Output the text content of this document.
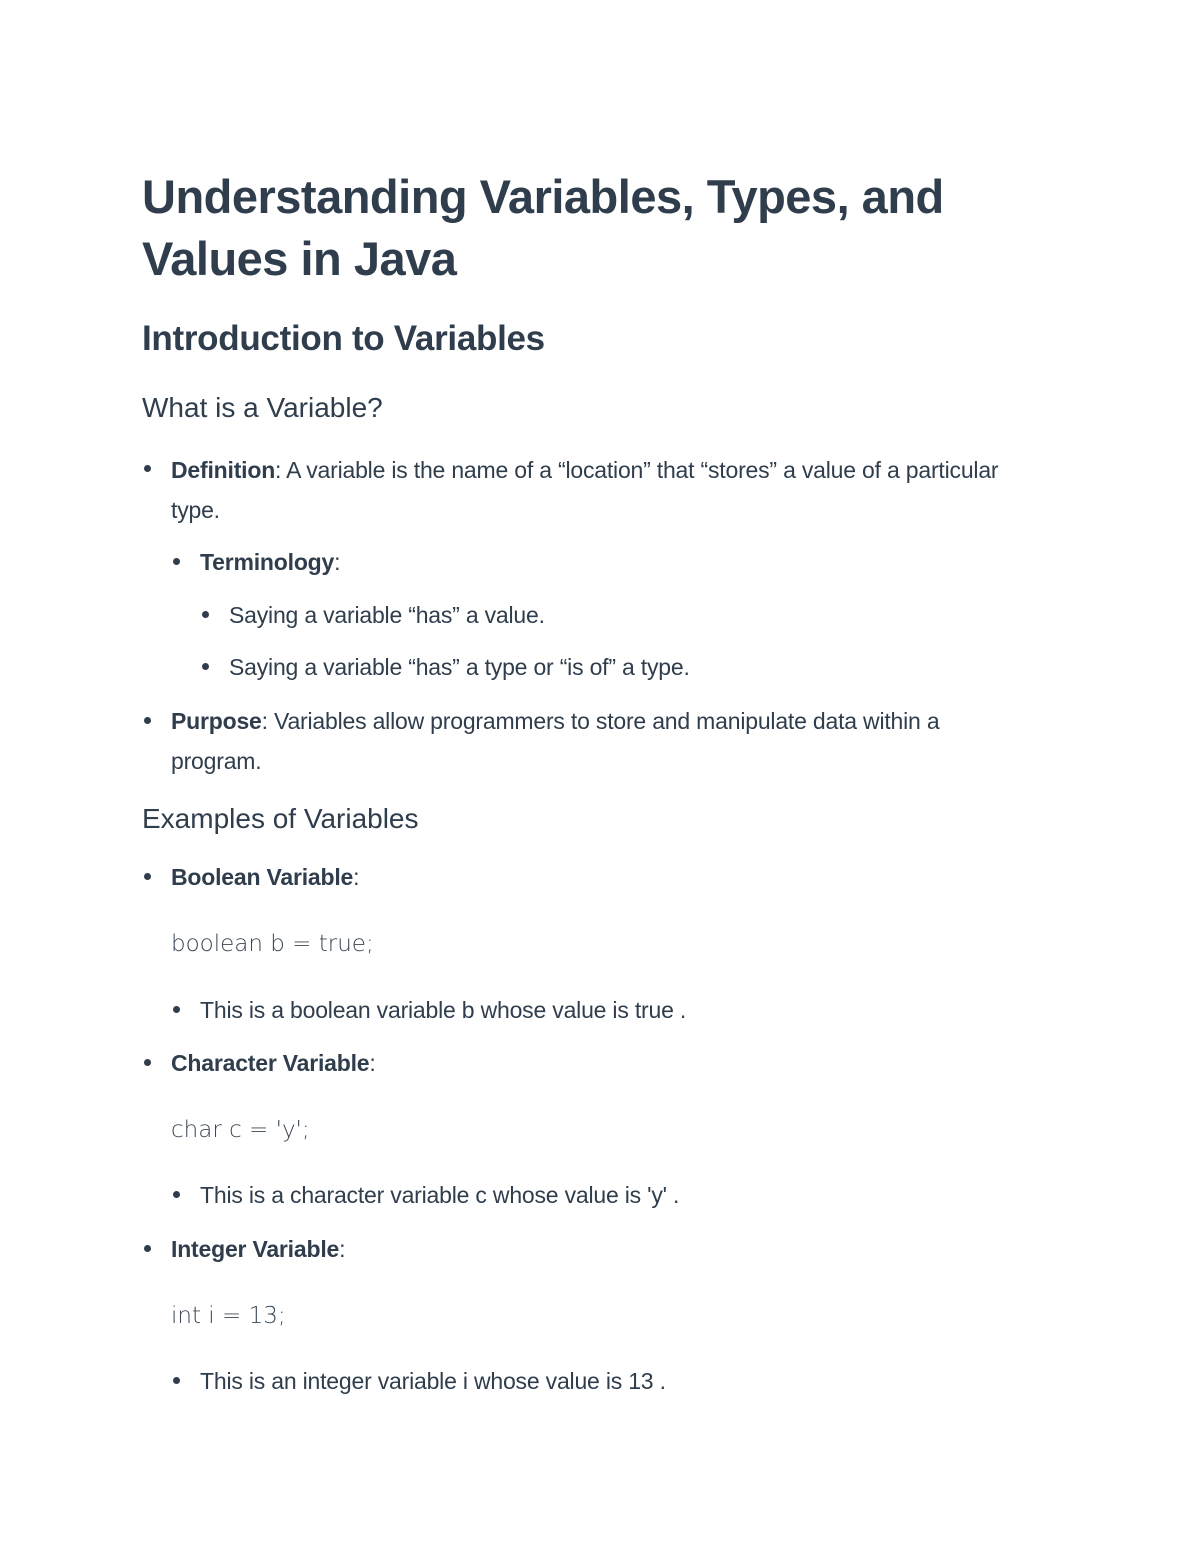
Understanding Variables, Types, and Values in Java
Introduction to Variables
What is a Variable?
Definition: A variable is the name of a “location” that “stores” a value of a particular type.
Terminology:
Saying a variable “has” a value.
Saying a variable “has” a type or “is of” a type.
Purpose: Variables allow programmers to store and manipulate data within a program.
Examples of Variables
Boolean Variable:
boolean b = true;
This is a boolean variable b whose value is true .
Character Variable:
char c = 'y';
This is a character variable c whose value is 'y' .
Integer Variable:
int i = 13;
This is an integer variable i whose value is 13 .
